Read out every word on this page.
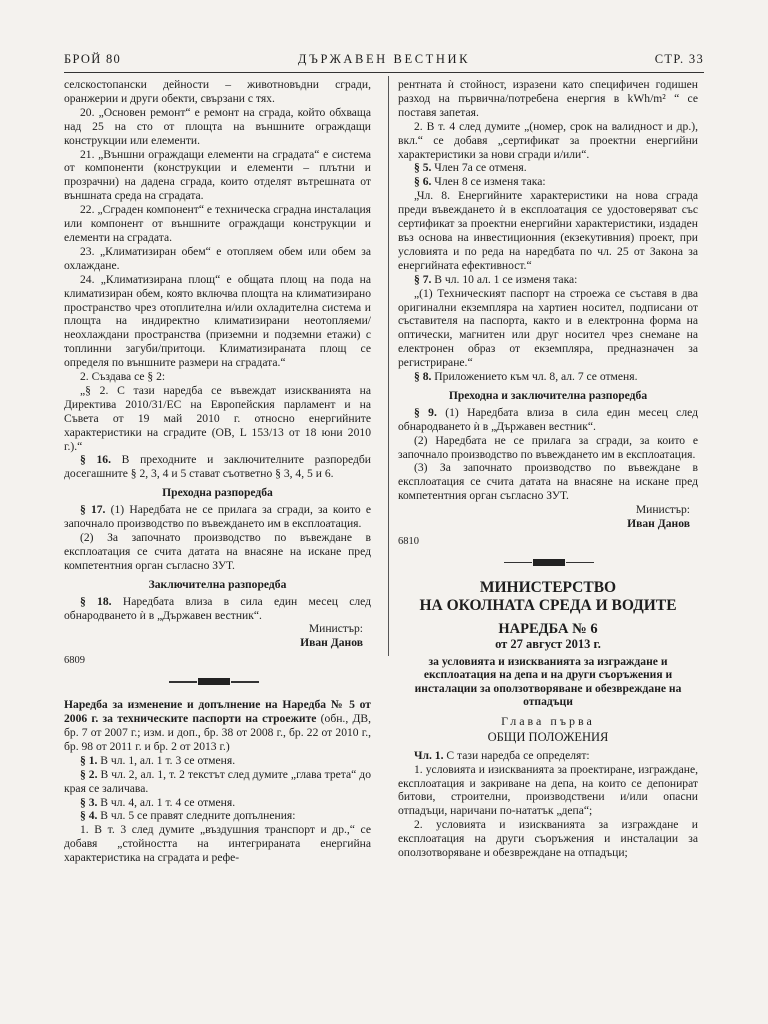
БРОЙ 80	ДЪРЖАВЕН ВЕСТНИК	СТР. 33

селскостопански дейности – животновъдни сгради, оранжерии и други обекти, свързани с тях.

20. „Основен ремонт“ е ремонт на сграда, който обхваща над 25 на сто от площта на външните ограждащи конструкции или елементи.

21. „Външни ограждащи елементи на сградата“ е система от компоненти (конструкции и елементи – плътни и прозрачни) на дадена сграда, които отделят вътрешната от външната среда на сградата.

22. „Сграден компонент“ е техническа сградна инсталация или компонент от външните ограждащи конструкции и елементи на сградата.

23. „Климатизиран обем“ е отопляем обем или обем за охлаждане.

24. „Климатизирана площ“ е общата площ на пода на климатизиран обем, която включва площта на климатизирано пространство чрез отоплителна и/или охладителна система и площта на индиректно климатизирани неотопляеми/неохлаждани пространства (приземни и подземни етажи) с топлинни загуби/притоци. Климатизираната площ се определя по външните размери на сградата.“

2. Създава се § 2:

„§ 2. С тази наредба се въвеждат изискванията на Директива 2010/31/ЕС на Европейския парламент и на Съвета от 19 май 2010 г. относно енергийните характеристики на сградите (ОВ, L 153/13 от 18 юни 2010 г.).“

§ 16. В преходните и заключителните разпоредби досегашните § 2, 3, 4 и 5 стават съответно § 3, 4, 5 и 6.

Преходна разпоредба

§ 17. (1) Наредбата не се прилага за сгради, за които е започнало производство по въвеждането им в експлоатация.

(2) За започнато производство по въвеждане в експлоатация се счита датата на внасяне на искане пред компетентния орган съгласно ЗУТ.

Заключителна разпоредба

§ 18. Наредбата влиза в сила един месец след обнародването ѝ в „Държавен вестник“.

Министър:

Иван Данов

6809

Наредба за изменение и допълнение на Наредба № 5 от 2006 г. за техническите паспорти на строежите (обн., ДВ, бр. 7 от 2007 г.; изм. и доп., бр. 38 от 2008 г., бр. 22 от 2010 г., бр. 98 от 2011 г. и бр. 2 от 2013 г.)

§ 1. В чл. 1, ал. 1 т. 3 се отменя.

§ 2. В чл. 2, ал. 1, т. 2 текстът след думите „глава трета“ до края се заличава.

§ 3. В чл. 4, ал. 1 т. 4 се отменя.

§ 4. В чл. 5 се правят следните допълнения:

1. В т. 3 след думите „въздушния транспорт и др.,“ се добавя „стойността на интегрираната енергийна характеристика на сградата и рефе-

рентната ѝ стойност, изразени като специфичен годишен разход на първична/потребена енергия в kWh/m² “ се поставя запетая.

2. В т. 4 след думите „(номер, срок на валидност и др.), вкл.“ се добавя „сертификат за проектни енергийни характеристики за нови сгради и/или“.

§ 5. Член 7а се отменя.

§ 6. Член 8 се изменя така:

„Чл. 8. Енергийните характеристики на нова сграда преди въвеждането ѝ в експлоатация се удостоверяват със сертификат за проектни енергийни характеристики, издаден въз основа на инвестиционния (екзекутивния) проект, при условията и по реда на наредбата по чл. 25 от Закона за енергийната ефективност.“

§ 7. В чл. 10 ал. 1 се изменя така:

„(1) Техническият паспорт на строежа се съставя в два оригинални екземпляра на хартиен носител, подписани от съставителя на паспорта, както и в електронна форма на оптически, магнитен или друг носител чрез снемане на електронен образ от екземпляра, предназначен за регистриране.“

§ 8. Приложението към чл. 8, ал. 7 се отменя.

Преходна и заключителна разпоредба

§ 9. (1) Наредбата влиза в сила един месец след обнародването ѝ в „Държавен вестник“.

(2) Наредбата не се прилага за сгради, за които е започнало производство по въвеждането им в експлоатация.

(3) За започнато производство по въвеждане в експлоатация се счита датата на внасяне на искане пред компетентния орган съгласно ЗУТ.

Министър:

Иван Данов

6810

МИНИСТЕРСТВО
НА ОКОЛНАТА СРЕДА И ВОДИТЕ
НАРЕДБА № 6
от 27 август 2013 г.
за условията и изискванията за изграждане и експлоатация на депа и на други съоръжения и инсталации за оползотворяване и обезвреждане на отпадъци
Глава първа
ОБЩИ ПОЛОЖЕНИЯ

Чл. 1. С тази наредба се определят:

1. условията и изискванията за проектиране, изграждане, експлоатация и закриване на депа, на които се депонират битови, строителни, производствени и/или опасни отпадъци, наричани по-нататък „депа“;

2. условията и изискванията за изграждане и експлоатация на други съоръжения и инсталации за оползотворяване и обезвреждане на отпадъци;
